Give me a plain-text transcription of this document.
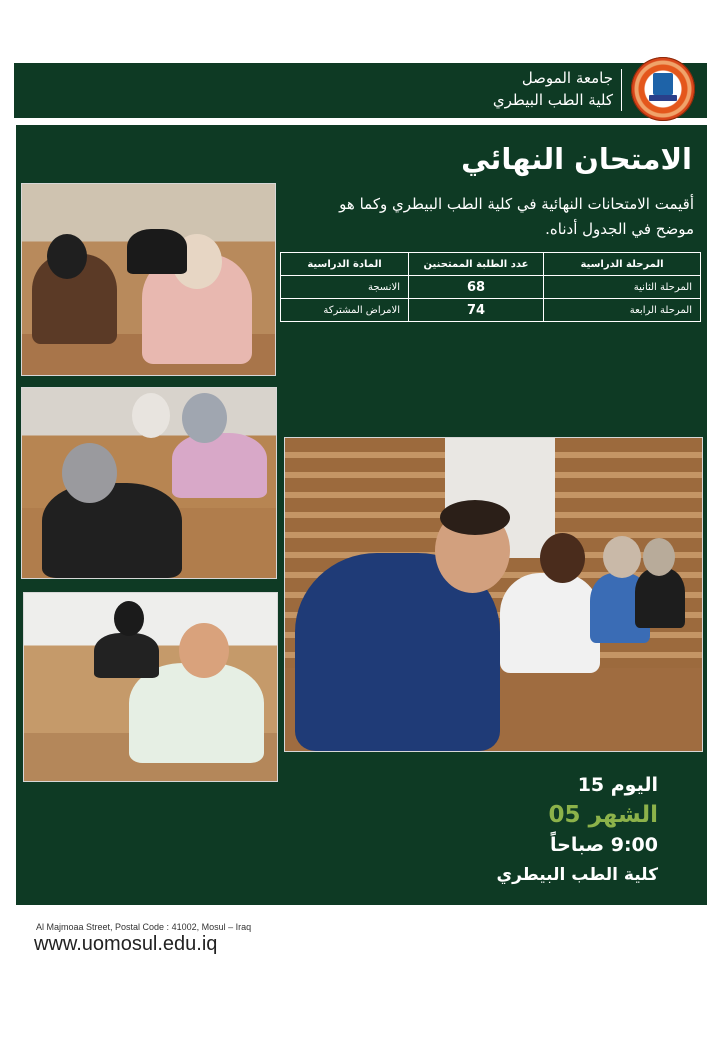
جامعة الموصل
كلية الطب البيطري
الامتحان النهائي
أقيمت الامتحانات النهائية في كلية الطب البيطري وكما هو موضح في الجدول أدناه.
المرحلة الدراسية	عدد الطلبة الممتحنين	المادة الدراسية
المرحلة الثانية	68	الانسجة
المرحلة الرابعة	74	الامراض المشتركة
اليوم 15
الشهر 05
9:00 صباحاً
كلية الطب البيطري
Al Majmoaa Street, Postal Code : 41002, Mosul – Iraq
www.uomosul.edu.iq
